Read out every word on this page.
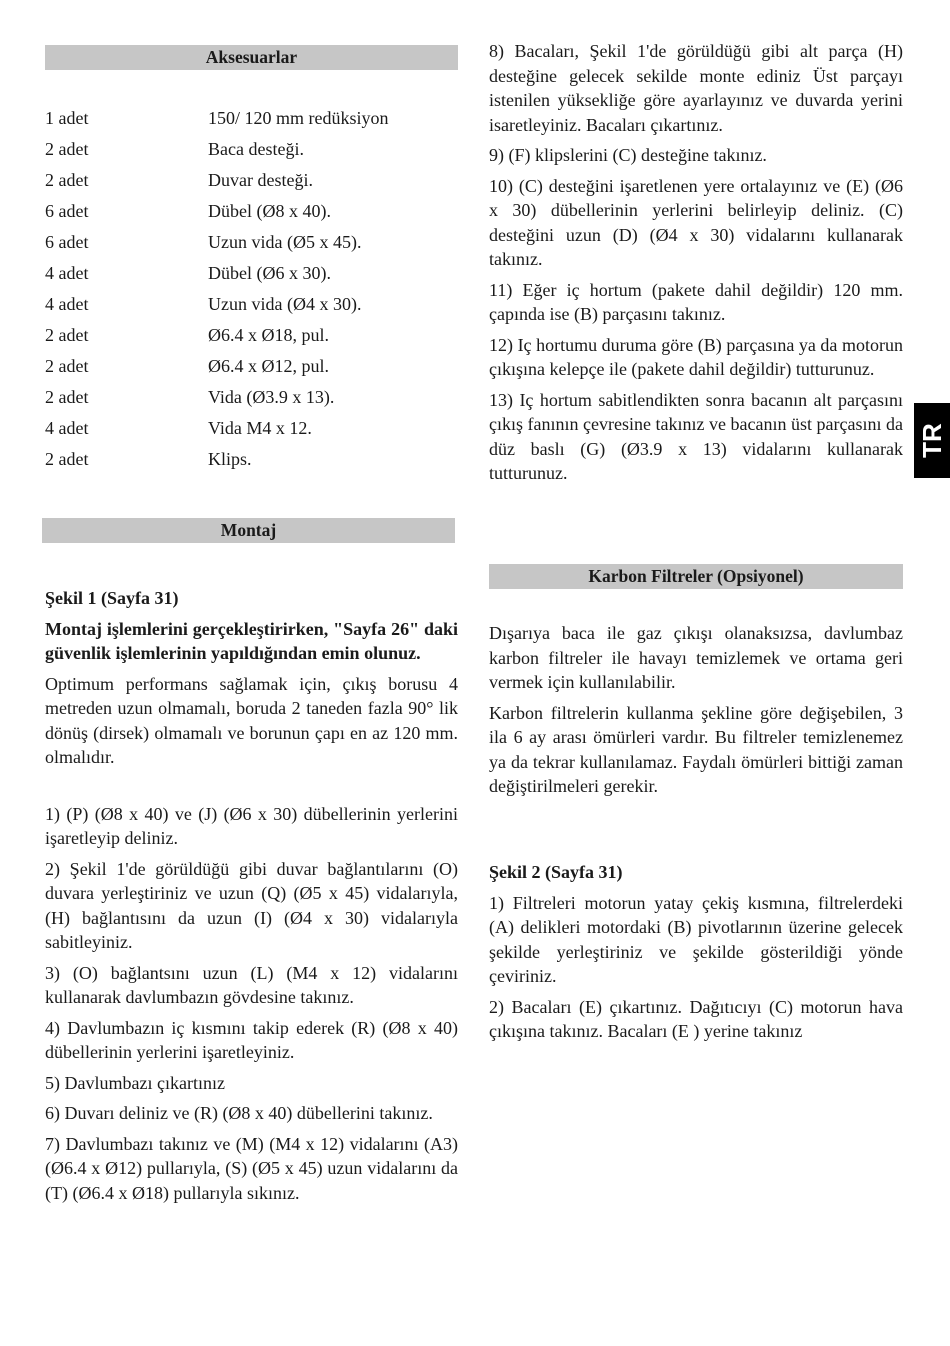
Aksesuarlar
1 adet	150/ 120 mm redüksiyon
2 adet	Baca desteği.
2 adet	Duvar desteği.
6 adet	Dübel (Ø8 x 40).
6 adet	Uzun vida (Ø5 x 45).
4 adet	Dübel (Ø6 x 30).
4 adet	Uzun vida (Ø4 x 30).
2 adet	Ø6.4 x Ø18, pul.
2 adet	Ø6.4 x Ø12, pul.
2 adet	Vida (Ø3.9 x 13).
4 adet	Vida M4 x 12.
2 adet	Klips.
Montaj

Şekil 1 (Sayfa 31)

Montaj işlemlerini gerçekleştirirken, "Sayfa 26" daki güvenlik işlemlerinin yapıldığından emin olunuz.

Optimum performans sağlamak için, çıkış borusu 4 metreden uzun olmamalı, boruda 2 taneden fazla 90° lik dönüş (dirsek) olmamalı ve borunun çapı en az 120 mm. olmalıdır.

1) (P) (Ø8 x 40) ve (J) (Ø6 x 30) dübellerinin yerlerini işaretleyip deliniz.

2) Şekil 1'de görüldüğü gibi duvar bağlantılarını (O) duvara yerleştiriniz ve uzun (Q) (Ø5 x 45) vidalarıyla, (H) bağlantısını da uzun (I) (Ø4 x 30) vidalarıyla sabitleyiniz.

3) (O) bağlantsını uzun (L) (M4 x 12) vidalarını kullanarak davlumbazın gövdesine takınız.

4) Davlumbazın iç kısmını takip ederek (R) (Ø8 x 40) dübellerinin yerlerini işaretleyiniz.

5) Davlumbazı çıkartınız

6) Duvarı deliniz ve (R) (Ø8 x 40) dübellerini takınız.

7) Davlumbazı takınız ve (M) (M4 x 12) vidalarını (A3) (Ø6.4 x Ø12) pullarıyla, (S) (Ø5 x 45) uzun vidalarını da (T) (Ø6.4 x Ø18) pullarıyla sıkınız.

8) Bacaları, Şekil 1'de görüldüğü gibi alt parça (H) desteğine gelecek sekilde monte ediniz Üst parçayı istenilen yüksekliğe göre ayarlayınız ve duvarda yerini isaretleyiniz. Bacaları çıkartınız.

9) (F) klipslerini (C) desteğine takınız.

10) (C) desteğini işaretlenen yere ortalayınız ve (E) (Ø6 x 30) dübellerinin yerlerini belirleyip deliniz. (C) desteğini uzun (D) (Ø4 x 30) vidalarını kullanarak takınız.

11) Eğer iç hortum (pakete dahil değildir) 120 mm. çapında ise (B) parçasını takınız.

12) Iç hortumu duruma göre (B) parçasına ya da motorun çıkışına kelepçe ile (pakete dahil değildir) tutturunuz.

13) Iç hortum sabitlendikten sonra bacanın alt parçasını çıkış fanının çevresine takınız ve bacanın üst parçasını da düz baslı (G) (Ø3.9 x 13) vidalarını kullanarak tutturunuz.

Karbon Filtreler (Opsiyonel)

Dışarıya baca ile gaz çıkışı olanaksızsa, davlumbaz karbon filtreler ile havayı temizlemek ve ortama geri vermek için kullanılabilir.

Karbon filtrelerin kullanma şekline göre değişebilen, 3 ila 6 ay arası ömürleri vardır. Bu filtreler temizlenemez ya da tekrar kullanılamaz. Faydalı ömürleri bittiği zaman değiştirilmeleri gerekir.

Şekil 2 (Sayfa 31)

1) Filtreleri motorun yatay çekiş kısmına, filtrelerdeki (A) delikleri motordaki (B) pivotlarının üzerine gelecek şekilde yerleştiriniz ve şekilde gösterildiği yönde çeviriniz.

2) Bacaları (E) çıkartınız. Dağıtıcıyı (C) motorun hava çıkışına takınız. Bacaları (E ) yerine takınız

TR
